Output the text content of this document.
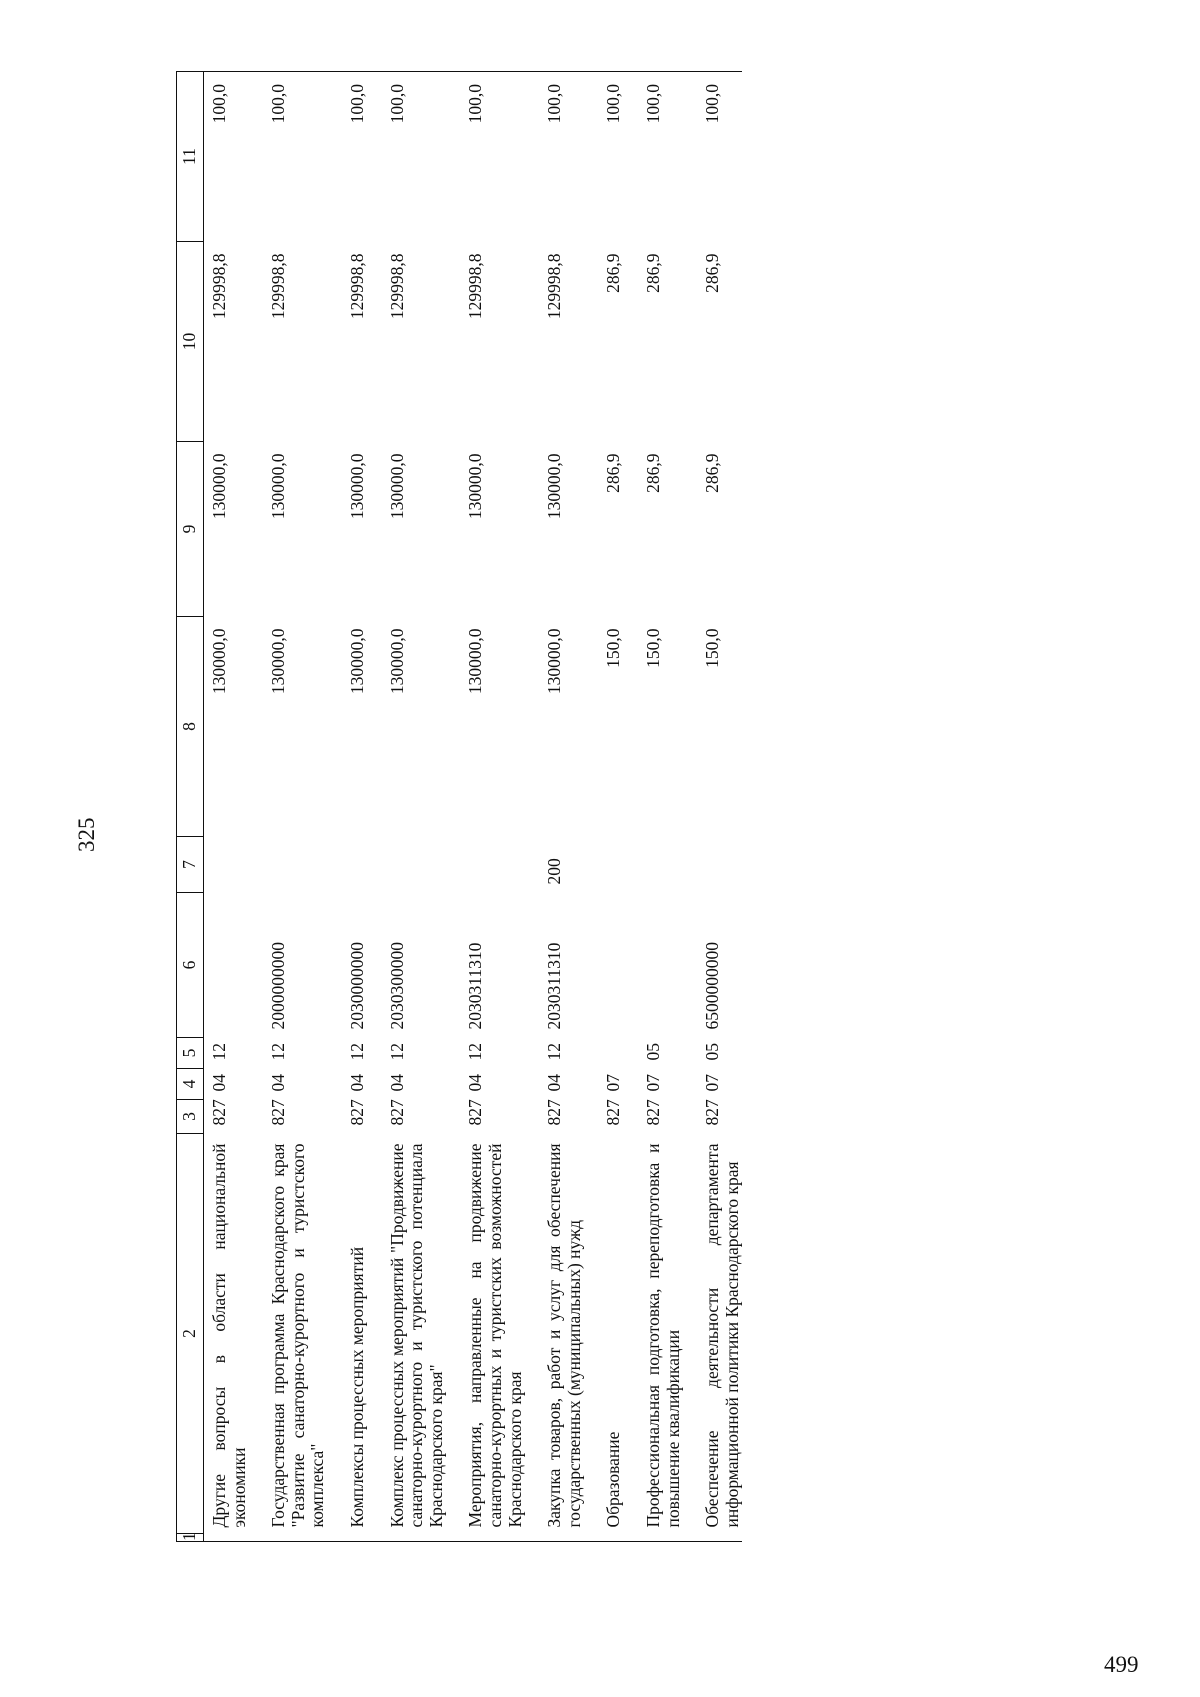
499
325
1	2	3	4	5	6	7	8	9	10	11
	Другие вопросы в области национальной экономики	827	04	12			130000,0	130000,0	129998,8	100,0

	Государственная программа Краснодарского края "Развитие санаторно-курортного и туристского комплекса"	827	04	12	2000000000		130000,0	130000,0	129998,8	100,0

	Комплексы процессных мероприятий	827	04	12	2030000000		130000,0	130000,0	129998,8	100,0

	Комплекс процессных мероприятий "Продвижение санаторно-курортного и туристского потенциала Краснодарского края"	827	04	12	2030300000		130000,0	130000,0	129998,8	100,0

	Мероприятия, направленные на продвижение санаторно-курортных и туристских возможностей Краснодарского края	827	04	12	2030311310		130000,0	130000,0	129998,8	100,0

	Закупка товаров, работ и услуг для обеспечения государственных (муниципальных) нужд	827	04	12	2030311310	200	130000,0	130000,0	129998,8	100,0

	Образование	827	07				150,0	286,9	286,9	100,0

	Профессиональная подготовка, переподготовка и повышение квалификации	827	07	05			150,0	286,9	286,9	100,0

	Обеспечение деятельности департамента информационной политики Краснодарского края	827	07	05	6500000000		150,0	286,9	286,9	100,0
